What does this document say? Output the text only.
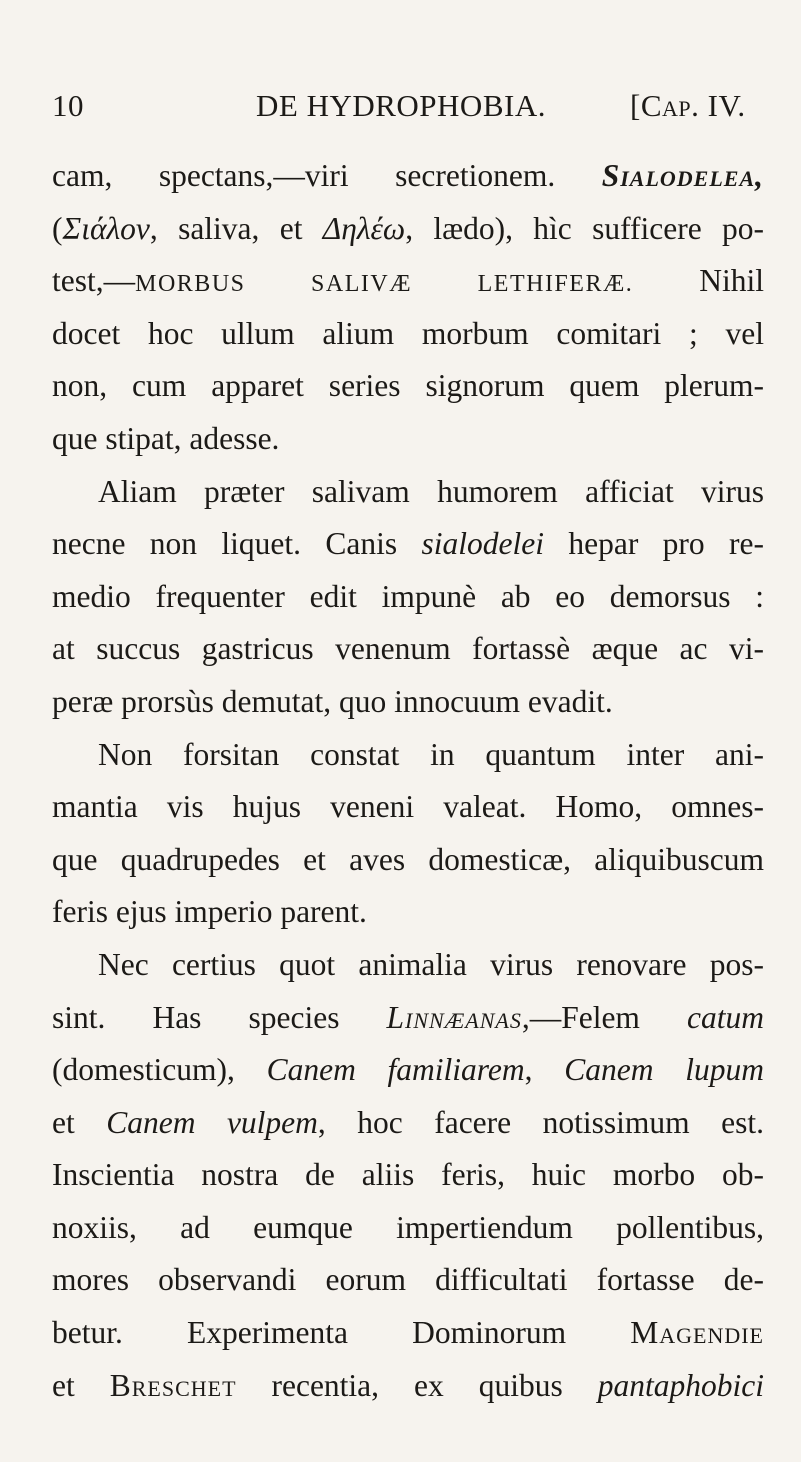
10	DE HYDROPHOBIA.	[Cap. IV.
cam, spectans,—viri secretionem. Sialodelea,
(Σιάλον, saliva, et Δηλέω, lædo), hìc sufficere po-
test,—MORBUS SALIVÆ LETHIFERÆ. Nihil
docet hoc ullum alium morbum comitari ; vel
non, cum apparet series signorum quem plerum-
que stipat, adesse.
Aliam præter salivam humorem afficiat virus
necne non liquet. Canis sialodelei hepar pro re-
medio frequenter edit impunè ab eo demorsus :
at succus gastricus venenum fortassè æque ac vi-
peræ prorsùs demutat, quo innocuum evadit.
Non forsitan constat in quantum inter ani-
mantia vis hujus veneni valeat. Homo, omnes-
que quadrupedes et aves domesticæ, aliquibuscum
feris ejus imperio parent.
Nec certius quot animalia virus renovare pos-
sint. Has species Linnæanas,—Felem catum
(domesticum), Canem familiarem, Canem lupum
et Canem vulpem, hoc facere notissimum est.
Inscientia nostra de aliis feris, huic morbo ob-
noxiis, ad eumque impertiendum pollentibus,
mores observandi eorum difficultati fortasse de-
betur. Experimenta Dominorum Magendie
et Breschet recentia, ex quibus pantaphobici
